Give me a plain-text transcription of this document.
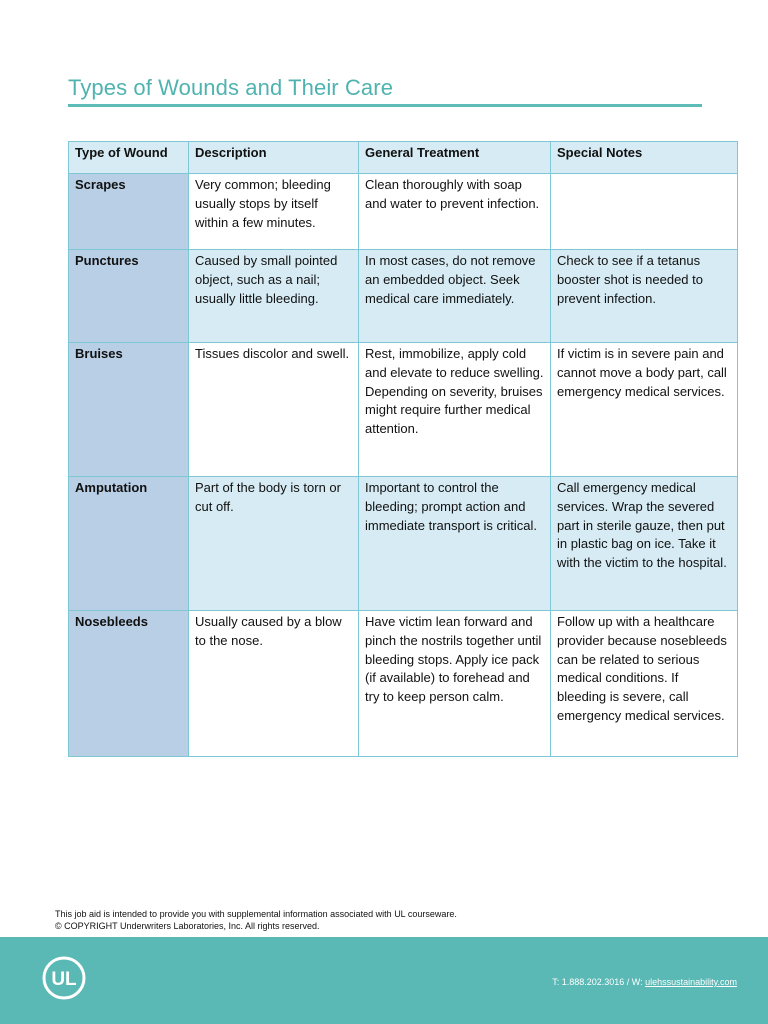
Types of Wounds and Their Care
Type of Wound	Description	General Treatment	Special Notes
Scrapes	Very common; bleeding usually stops by itself within a few minutes.	Clean thoroughly with soap and water to prevent infection.	
Punctures	Caused by small pointed object, such as a nail; usually little bleeding.	In most cases, do not remove an embedded object. Seek medical care immediately.	Check to see if a tetanus booster shot is needed to prevent infection.
Bruises	Tissues discolor and swell.	Rest, immobilize, apply cold and elevate to reduce swelling. Depending on severity, bruises might require further medical attention.	If victim is in severe pain and cannot move a body part, call emergency medical services.
Amputation	Part of the body is torn or cut off.	Important to control the bleeding; prompt action and immediate transport is critical.	Call emergency medical services. Wrap the severed part in sterile gauze, then put in plastic bag on ice. Take it with the victim to the hospital.
Nosebleeds	Usually caused by a blow to the nose.	Have victim lean forward and pinch the nostrils together until bleeding stops. Apply ice pack (if available) to forehead and try to keep person calm.	Follow up with a healthcare provider because nosebleeds can be related to serious medical conditions. If bleeding is severe, call emergency medical services.
This job aid is intended to provide you with supplemental information associated with UL courseware.
© COPYRIGHT Underwriters Laboratories, Inc. All rights reserved.
UL	T: 1.888.202.3016 / W: ulehssustainability.com
